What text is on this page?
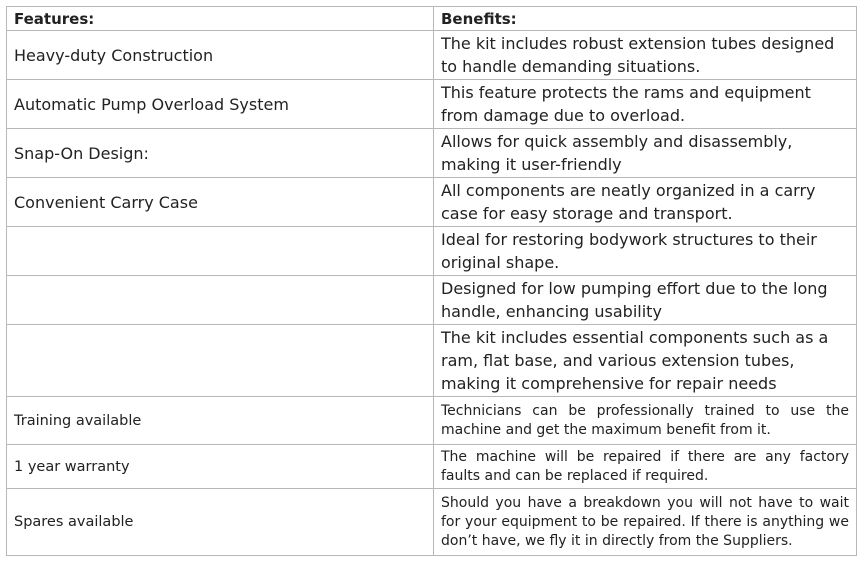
Features:	Benefits:
Heavy-duty Construction	The kit includes robust extension tubes designed to handle demanding situations.
Automatic Pump Overload System	This feature protects the rams and equipment from damage due to overload.
Snap-On Design:	Allows for quick assembly and disassembly, making it user-friendly
Convenient Carry Case	All components are neatly organized in a carry case for easy storage and transport.
	Ideal for restoring bodywork structures to their original shape.
	Designed for low pumping effort due to the long handle, enhancing usability
	The kit includes essential components such as a ram, flat base, and various extension tubes, making it comprehensive for repair needs
Training available	Technicians can be professionally trained to use the machine and get the maximum benefit from it.
1 year warranty	The machine will be repaired if there are any factory faults and can be replaced if required.
Spares available	Should you have a breakdown you will not have to wait for your equipment to be repaired. If there is anything we don’t have, we fly it in directly from the Suppliers.
